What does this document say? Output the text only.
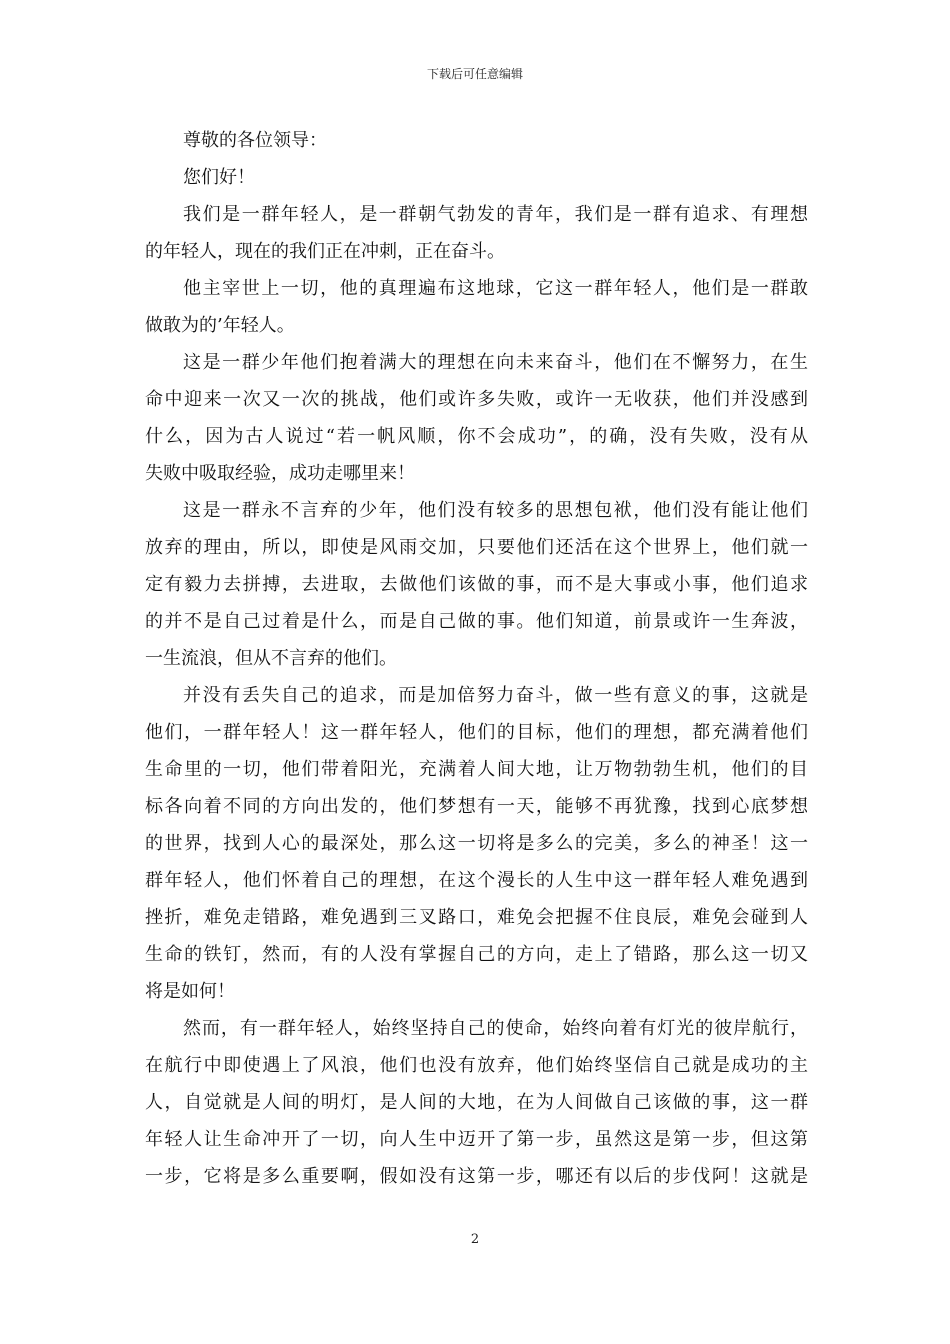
下载后可任意编辑
尊敬的各位领导：
您们好！
我们是一群年轻人，是一群朝气勃发的青年，我们是一群有追求、有理想
的年轻人，现在的我们正在冲刺，正在奋斗。
他主宰世上一切，他的真理遍布这地球，它这一群年轻人，他们是一群敢
做敢为的’年轻人。
这是一群少年他们抱着满大的理想在向未来奋斗，他们在不懈努力，在生
命中迎来一次又一次的挑战，他们或许多失败，或许一无收获，他们并没感到
什么，因为古人说过“若一帆风顺，你不会成功”，的确，没有失败，没有从
失败中吸取经验，成功走哪里来！
这是一群永不言弃的少年，他们没有较多的思想包袱，他们没有能让他们
放弃的理由，所以，即使是风雨交加，只要他们还活在这个世界上，他们就一
定有毅力去拼搏，去进取，去做他们该做的事，而不是大事或小事，他们追求
的并不是自己过着是什么，而是自己做的事。他们知道，前景或许一生奔波，
一生流浪，但从不言弃的他们。
并没有丢失自己的追求，而是加倍努力奋斗，做一些有意义的事，这就是
他们，一群年轻人！这一群年轻人，他们的目标，他们的理想，都充满着他们
生命里的一切，他们带着阳光，充满着人间大地，让万物勃勃生机，他们的目
标各向着不同的方向出发的，他们梦想有一天，能够不再犹豫，找到心底梦想
的世界，找到人心的最深处，那么这一切将是多么的完美，多么的神圣！这一
群年轻人，他们怀着自己的理想，在这个漫长的人生中这一群年轻人难免遇到
挫折，难免走错路，难免遇到三叉路口，难免会把握不住良辰，难免会碰到人
生命的铁钉，然而，有的人没有掌握自己的方向，走上了错路，那么这一切又
将是如何！
然而，有一群年轻人，始终坚持自己的使命，始终向着有灯光的彼岸航行，
在航行中即使遇上了风浪，他们也没有放弃，他们始终坚信自己就是成功的主
人，自觉就是人间的明灯，是人间的大地，在为人间做自己该做的事，这一群
年轻人让生命冲开了一切，向人生中迈开了第一步，虽然这是第一步，但这第
一步，它将是多么重要啊，假如没有这第一步，哪还有以后的步伐阿！这就是
2
